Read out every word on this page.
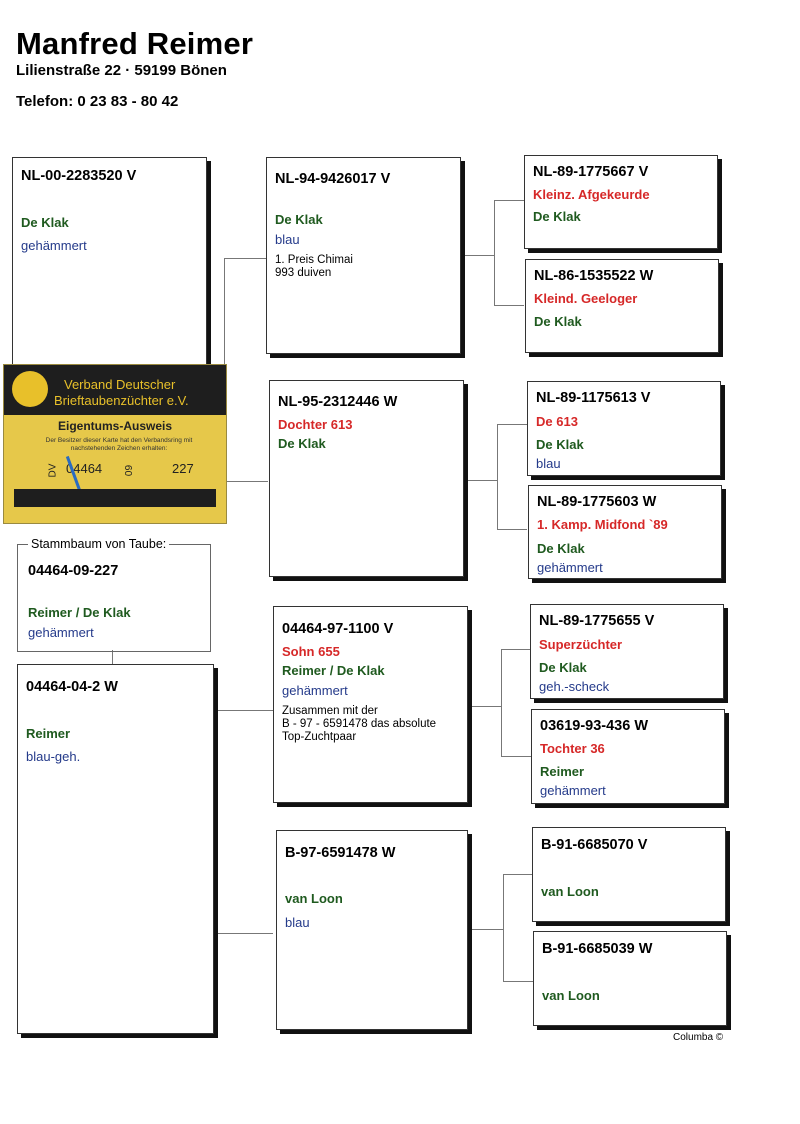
Manfred Reimer
Lilienstraße 22 · 59199 Bönen
Telefon: 0 23 83 - 80 42
NL-00-2283520 V
De Klak
gehämmert
Verband Deutscher
Brieftaubenzüchter e.V.
Eigentums-Ausweis
Der Besitzer dieser Karte hat den Verbandsring mit nachstehenden Zeichen erhalten:
DV 04464 09	227
04464-09-227
Reimer / De Klak
gehämmert
Stammbaum von Taube:
04464-04-2 W
Reimer
blau-geh.
NL-94-9426017 V
De Klak
blau
1. Preis Chimai
993 duiven
NL-95-2312446 W
Dochter 613
De Klak
04464-97-1100 V
Sohn 655
Reimer / De Klak
gehämmert
Zusammen mit der
B - 97 - 6591478 das absolute
Top-Zuchtpaar
B-97-6591478 W
van Loon
blau
NL-89-1775667 V
Kleinz. Afgekeurde
De Klak
NL-86-1535522 W
Kleind. Geeloger
De Klak
NL-89-1175613 V
De 613
De Klak
blau
NL-89-1775603 W
1. Kamp. Midfond `89
De Klak
gehämmert
NL-89-1775655 V
Superzüchter
De Klak
geh.-scheck
03619-93-436 W
Tochter 36
Reimer
gehämmert
B-91-6685070 V
van Loon
B-91-6685039 W
van Loon
Columba ©
